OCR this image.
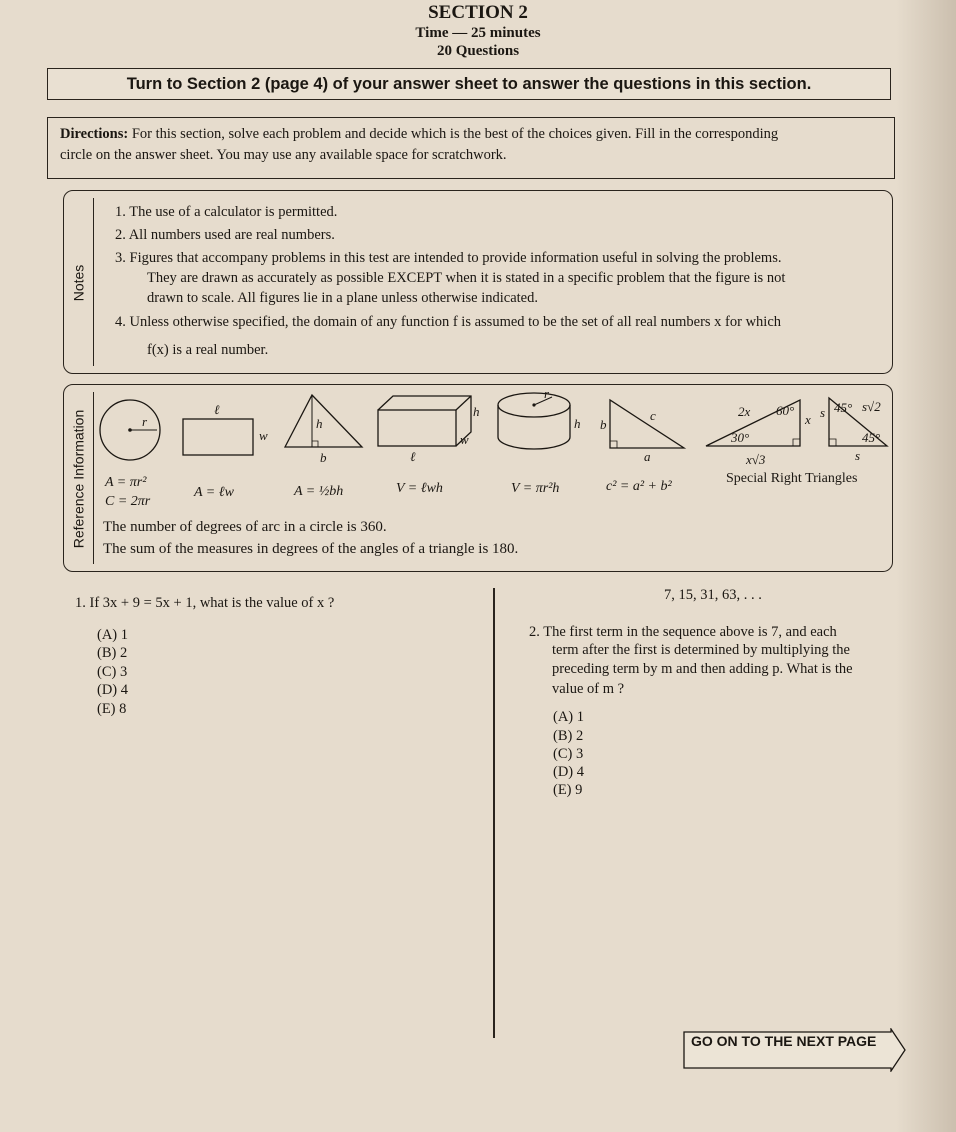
SECTION 2
Time — 25 minutes
20 Questions
Turn to Section 2 (page 4) of your answer sheet to answer the questions in this section.
Directions: For this section, solve each problem and decide which is the best of the choices given. Fill in the corresponding
circle on the answer sheet. You may use any available space for scratchwork.
Notes
1. The use of a calculator is permitted.
2. All numbers used are real numbers.
3. Figures that accompany problems in this test are intended to provide information useful in solving the problems.
They are drawn as accurately as possible EXCEPT when it is stated in a specific problem that the figure is not
drawn to scale. All figures lie in a plane unless otherwise indicated.
4. Unless otherwise specified, the domain of any function f is assumed to be the set of all real numbers x for which
f(x) is a real number.
Reference Information	r
ℓ
w
h
b
h
w
ℓ
r
h b
c
a
2x 60°
30°
x
x√3
45° s√2
s
45°
s
A = πr²
C = 2πr
A = ℓw	A = ½bh	V = ℓwh	V = πr²h	c² = a² + b²
Special Right Triangles
The number of degrees of arc in a circle is 360.
The sum of the measures in degrees of the angles of a triangle is 180.
1. If 3x + 9 = 5x + 1, what is the value of x ?
(A) 1
(B) 2
(C) 3
(D) 4
(E) 8
7, 15, 31, 63, . . .
2. The first term in the sequence above is 7, and each
term after the first is determined by multiplying the
preceding term by m and then adding p. What is the
value of m ?
(A) 1
(B) 2
(C) 3
(D) 4
(E) 9
GO ON TO THE NEXT PAGE
